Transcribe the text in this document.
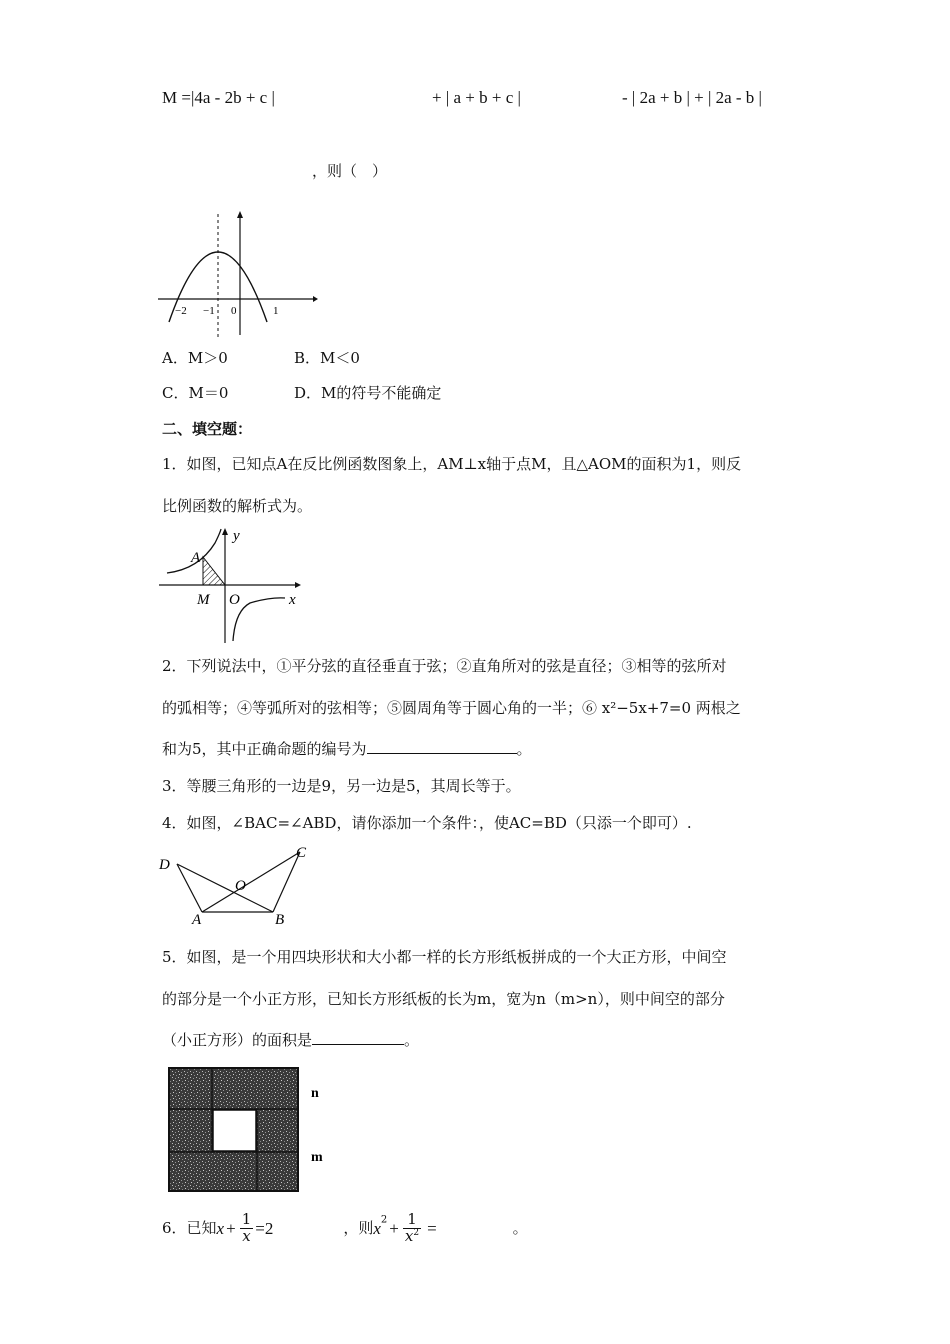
M =|4a - 2b + c |	+ | a + b + c |	- | 2a + b | + | 2a - b |
，则（　）
−2 −1 0	1
A．M＞0	B．M＜0
C．M＝0	D．M的符号不能确定
二、填空题：
1．如图，已知点A在反比例函数图象上，AM⊥x轴于点M，且△AOM的面积为1，则反
比例函数的解析式为。
y
x
A
M O
2．下列说法中，①平分弦的直径垂直于弦；②直角所对的弦是直径；③相等的弦所对
的弧相等；④等弧所对的弦相等；⑤圆周角等于圆心角的一半；⑥ x²−5x+7=0 两根之
和为5，其中正确命题的编号为	。
3．等腰三角形的一边是9，另一边是5，其周长等于。
4．如图，∠BAC=∠ABD，请你添加一个条件：，使AC=BD（只添一个即可）.
D
C
O
A	B
5．如图，是一个用四块形状和大小都一样的长方形纸板拼成的一个大正方形，中间空
的部分是一个小正方形，已知长方形纸板的长为m，宽为n（m>n），则中间空的部分
（小正方形）的面积是	。
n
m
6．已知$x + \frac{1}{x} =2$	，则$x^2 + \frac{1}{x^2}$ =	。
